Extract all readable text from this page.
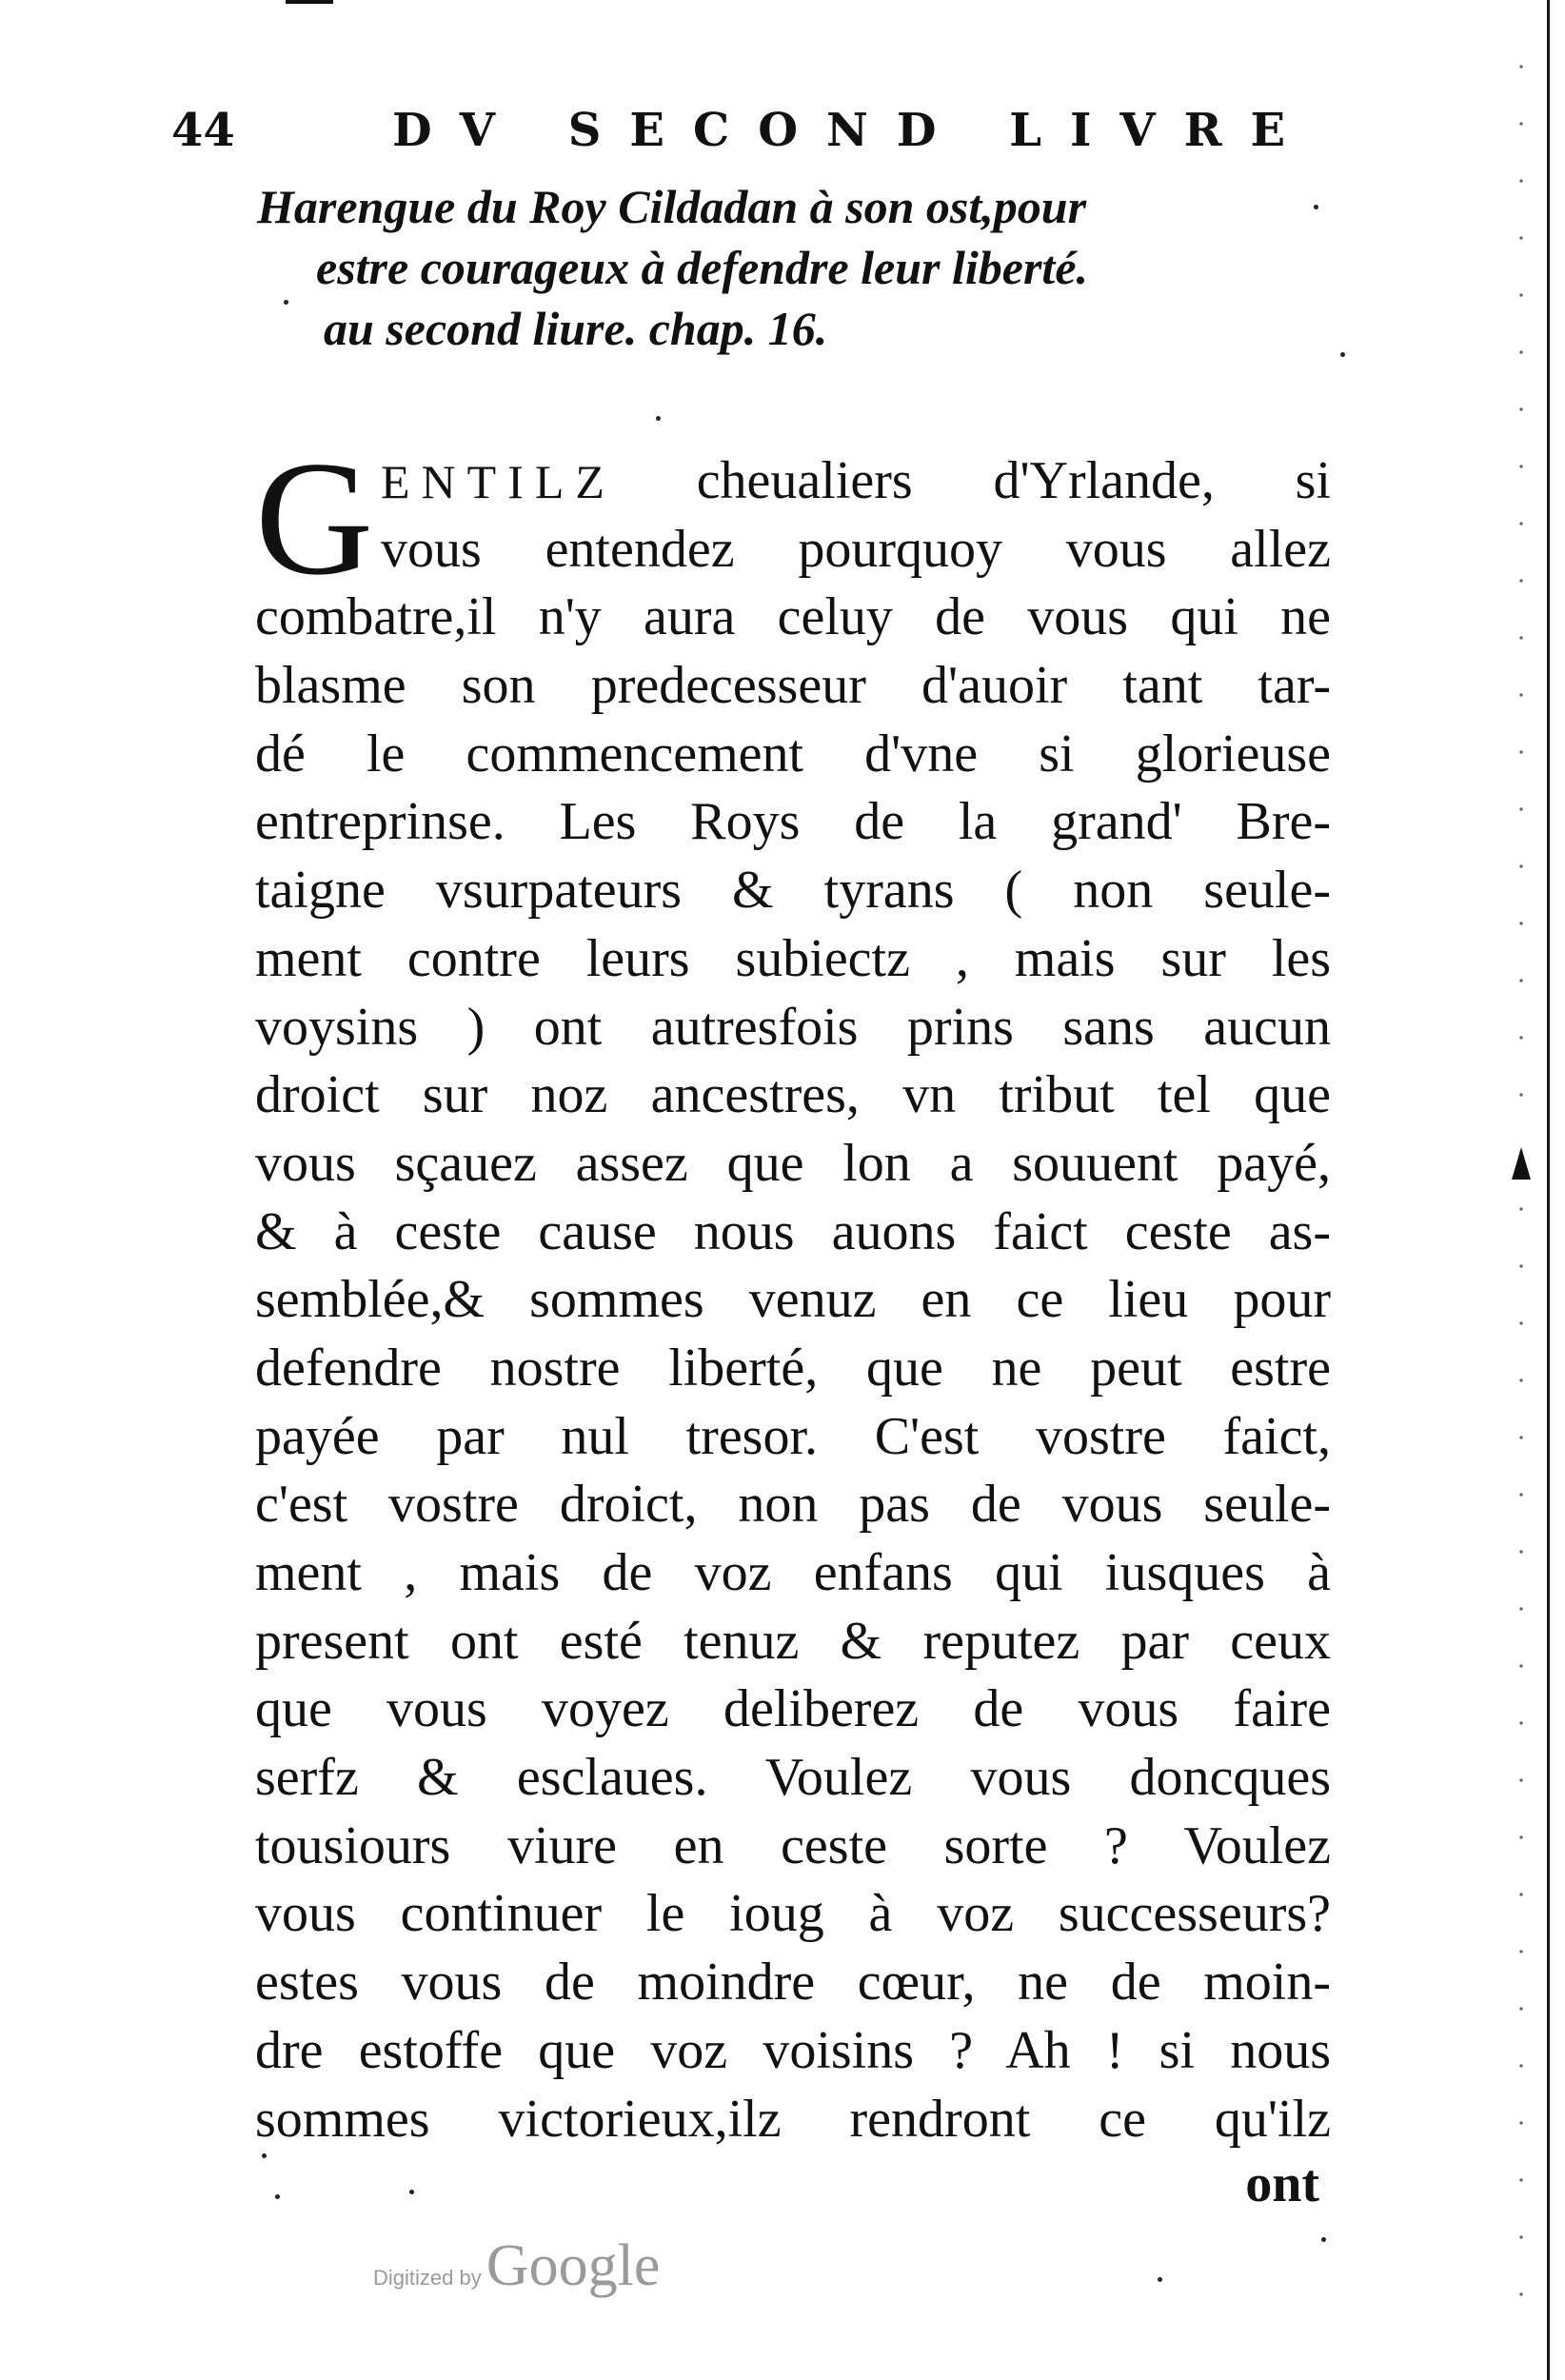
44	DV SECOND LIVRE
Harengue du Roy Cildadan à son ost,pour
estre courageux à defendre leur liberté.
au second liure. chap. 16.
G ENTILZ cheualiers d'Yrlande, si
vous entendez pourquoy vous allez
combatre,il n'y aura celuy de vous qui ne
blasme son predecesseur d'auoir tant tar-
dé le commencement d'vne si glorieuse
entreprinse. Les Roys de la grand' Bre-
taigne vsurpateurs & tyrans ( non seule-
ment contre leurs subiectz , mais sur les
voysins ) ont autresfois prins sans aucun
droict sur noz ancestres, vn tribut tel que
vous sçauez assez que lon a souuent payé,
& à ceste cause nous auons faict ceste as-
semblée,& sommes venuz en ce lieu pour
defendre nostre liberté, que ne peut estre
payée par nul tresor. C'est vostre faict,
c'est vostre droict, non pas de vous seule-
ment , mais de voz enfans qui iusques à
present ont esté tenuz & reputez par ceux
que vous voyez deliberez de vous faire
serfz & esclaues. Voulez vous doncques
tousiours viure en ceste sorte ? Voulez
vous continuer le ioug à voz successeurs?
estes vous de moindre cœur, ne de moin-
dre estoffe que voz voisins ? Ah ! si nous
sommes victorieux,ilz rendront ce qu'ilz
ont
Digitized by Google
